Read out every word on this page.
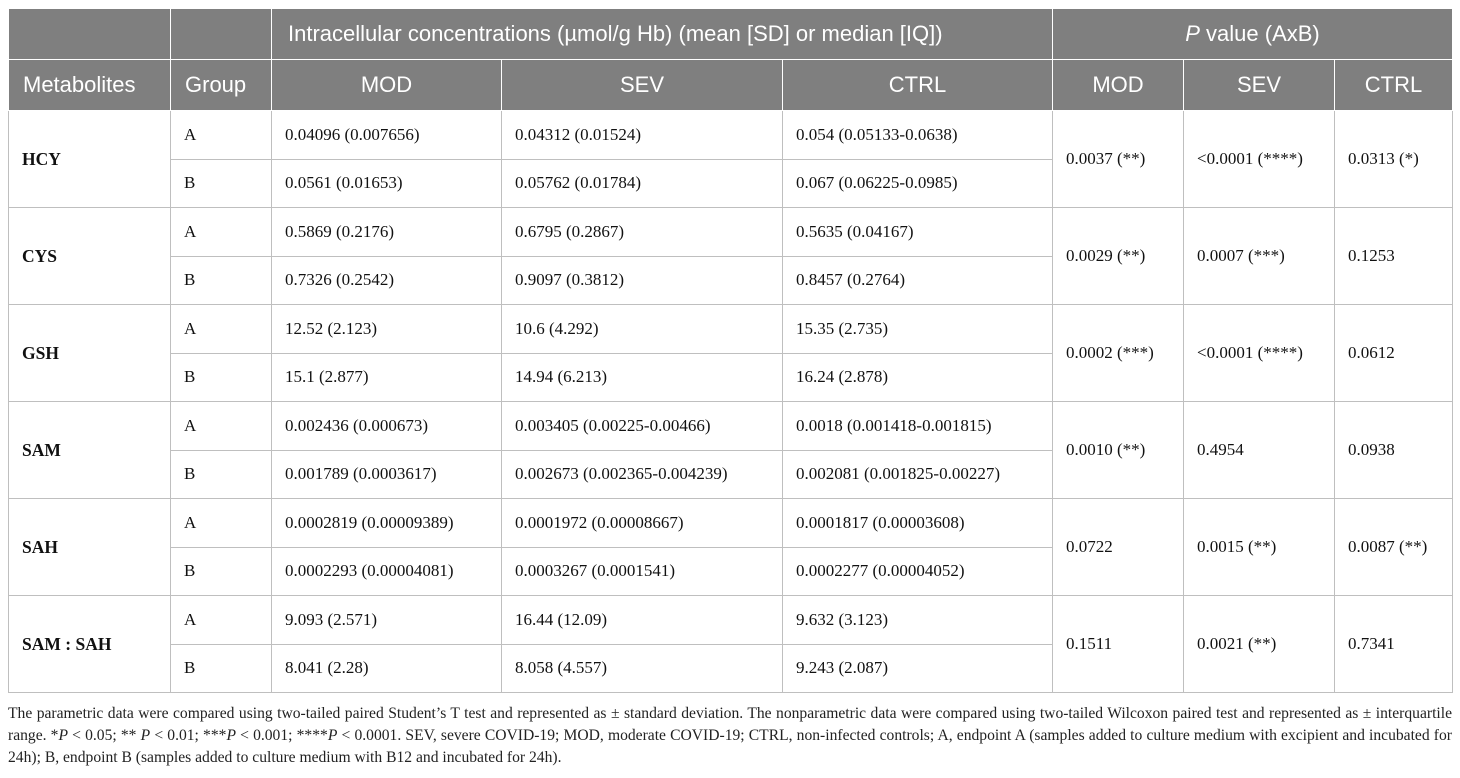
		Intracellular concentrations (µmol/g Hb) (mean [SD] or median [IQ])			P value (AxB)		
Metabolites	Group	MOD	SEV	CTRL	MOD	SEV	CTRL
HCY	A	0.04096 (0.007656)	0.04312 (0.01524)	0.054 (0.05133-0.0638)	0.0037 (**)	<0.0001 (****)	0.0313 (*)
	B	0.0561 (0.01653)	0.05762 (0.01784)	0.067 (0.06225-0.0985)			
CYS	A	0.5869 (0.2176)	0.6795 (0.2867)	0.5635 (0.04167)	0.0029 (**)	0.0007 (***)	0.1253
	B	0.7326 (0.2542)	0.9097 (0.3812)	0.8457 (0.2764)			
GSH	A	12.52 (2.123)	10.6 (4.292)	15.35 (2.735)	0.0002 (***)	<0.0001 (****)	0.0612
	B	15.1 (2.877)	14.94 (6.213)	16.24 (2.878)			
SAM	A	0.002436 (0.000673)	0.003405 (0.00225-0.00466)	0.0018 (0.001418-0.001815)	0.0010 (**)	0.4954	0.0938
	B	0.001789 (0.0003617)	0.002673 (0.002365-0.004239)	0.002081 (0.001825-0.00227)			
SAH	A	0.0002819 (0.00009389)	0.0001972 (0.00008667)	0.0001817 (0.00003608)	0.0722	0.0015 (**)	0.0087 (**)
	B	0.0002293 (0.00004081)	0.0003267 (0.0001541)	0.0002277 (0.00004052)			
SAM : SAH	A	9.093 (2.571)	16.44 (12.09)	9.632 (3.123)	0.1511	0.0021 (**)	0.7341
	B	8.041 (2.28)	8.058 (4.557)	9.243 (2.087)			

The parametric data were compared using two-tailed paired Student’s T test and represented as ± standard deviation. The nonparametric data were compared using two-tailed Wilcoxon paired test and represented as ± interquartile range. *P < 0.05; ** P < 0.01; ***P < 0.001; ****P < 0.0001. SEV, severe COVID-19; MOD, moderate COVID-19; CTRL, non-infected controls; A, endpoint A (samples added to culture medium with excipient and incubated for 24h); B, endpoint B (samples added to culture medium with B12 and incubated for 24h).
